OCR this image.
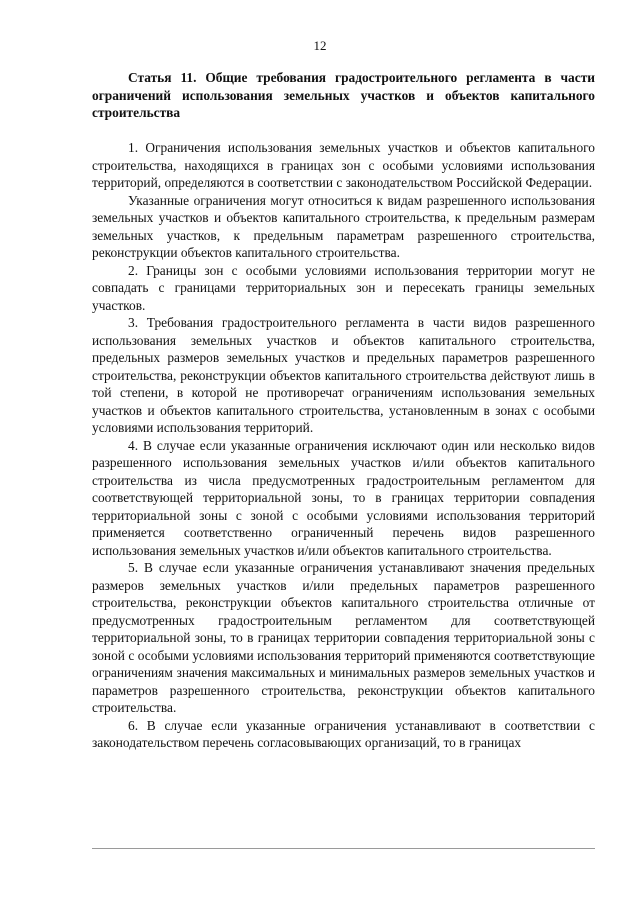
12
Статья 11. Общие требования градостроительного регламента в части ограничений использования земельных участков и объектов капитального строительства

1. Ограничения использования земельных участков и объектов капитального строительства, находящихся в границах зон с особыми условиями использования территорий, определяются в соответствии с законодательством Российской Федерации.

Указанные ограничения могут относиться к видам разрешенного использования земельных участков и объектов капитального строительства, к предельным размерам земельных участков, к предельным параметрам разрешенного строительства, реконструкции объектов капитального строительства.

2. Границы зон с особыми условиями использования территории могут не совпадать с границами территориальных зон и пересекать границы земельных участков.

3. Требования градостроительного регламента в части видов разрешенного использования земельных участков и объектов капитального строительства, предельных размеров земельных участков и предельных параметров разрешенного строительства, реконструкции объектов капитального строительства действуют лишь в той степени, в которой не противоречат ограничениям использования земельных участков и объектов капитального строительства, установленным в зонах с особыми условиями использования территорий.

4. В случае если указанные ограничения исключают один или несколько видов разрешенного использования земельных участков и/или объектов капитального строительства из числа предусмотренных градостроительным регламентом для соответствующей территориальной зоны, то в границах территории совпадения территориальной зоны с зоной с особыми условиями использования территорий применяется соответственно ограниченный перечень видов разрешенного использования земельных участков и/или объектов капитального строительства.

5. В случае если указанные ограничения устанавливают значения предельных размеров земельных участков и/или предельных параметров разрешенного строительства, реконструкции объектов капитального строительства отличные от предусмотренных градостроительным регламентом для соответствующей территориальной зоны, то в границах территории совпадения территориальной зоны с зоной с особыми условиями использования территорий применяются соответствующие ограничениям значения максимальных и минимальных размеров земельных участков и параметров разрешенного строительства, реконструкции объектов капитального строительства.

6. В случае если указанные ограничения устанавливают в соответствии с законодательством перечень согласовывающих организаций, то в границах
